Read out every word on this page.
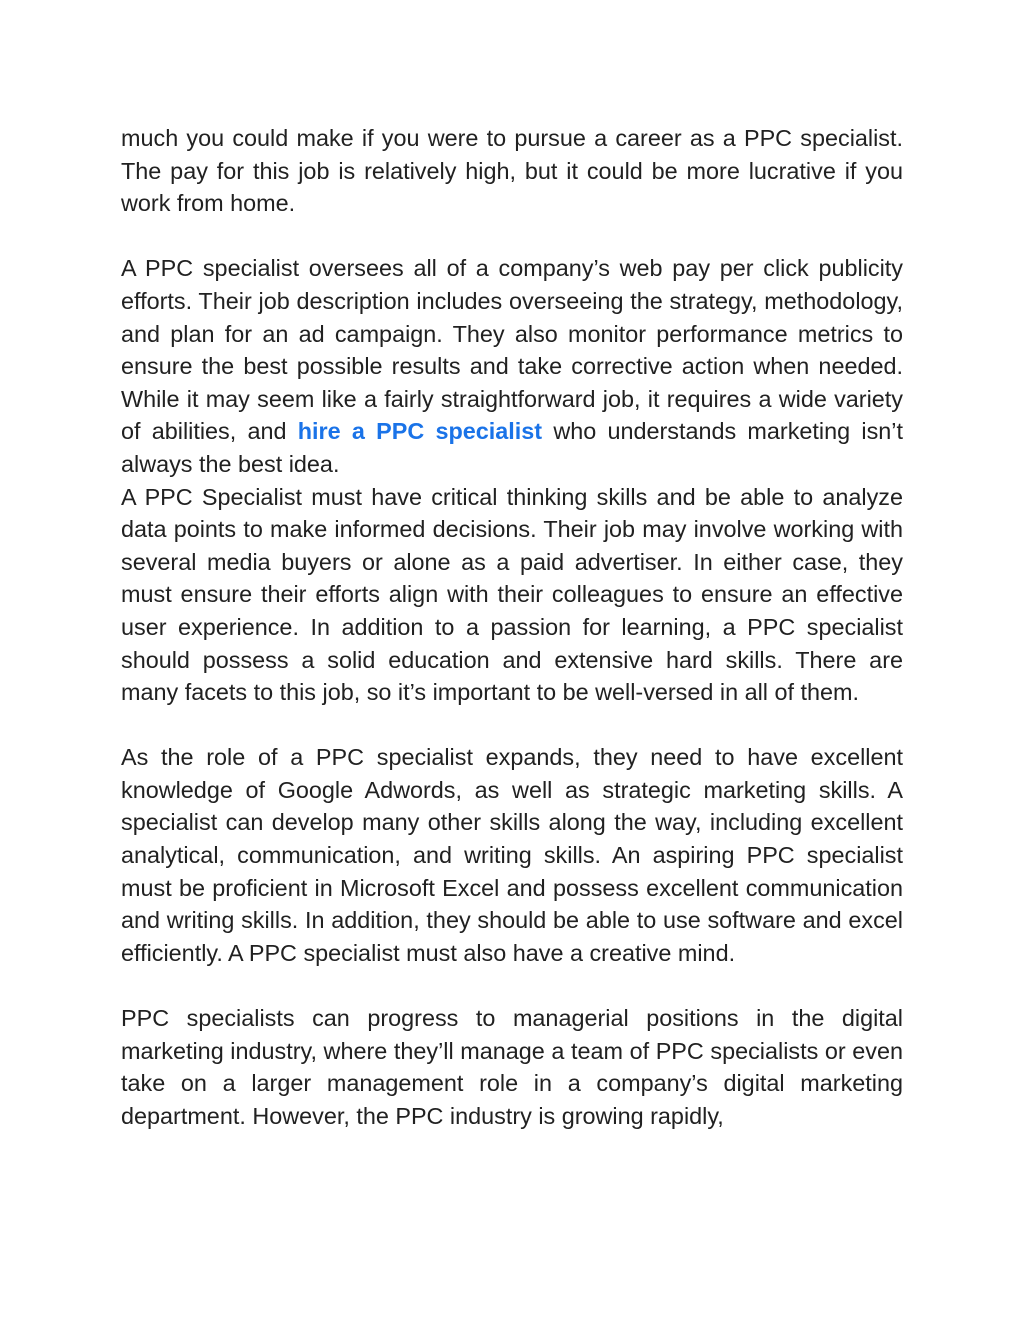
much you could make if you were to pursue a career as a PPC specialist. The pay for this job is relatively high, but it could be more lucrative if you work from home.

A PPC specialist oversees all of a company’s web pay per click publicity efforts. Their job description includes overseeing the strategy, methodology, and plan for an ad campaign. They also monitor performance metrics to ensure the best possible results and take corrective action when needed. While it may seem like a fairly straightforward job, it requires a wide variety of abilities, and hire a PPC specialist who understands marketing isn’t always the best idea.

A PPC Specialist must have critical thinking skills and be able to analyze data points to make informed decisions. Their job may involve working with several media buyers or alone as a paid advertiser. In either case, they must ensure their efforts align with their colleagues to ensure an effective user experience. In addition to a passion for learning, a PPC specialist should possess a solid education and extensive hard skills. There are many facets to this job, so it’s important to be well-versed in all of them.

As the role of a PPC specialist expands, they need to have excellent knowledge of Google Adwords, as well as strategic marketing skills. A specialist can develop many other skills along the way, including excellent analytical, communication, and writing skills. An aspiring PPC specialist must be proficient in Microsoft Excel and possess excellent communication and writing skills. In addition, they should be able to use software and excel efficiently. A PPC specialist must also have a creative mind.

PPC specialists can progress to managerial positions in the digital marketing industry, where they’ll manage a team of PPC specialists or even take on a larger management role in a company’s digital marketing department. However, the PPC industry is growing rapidly,
